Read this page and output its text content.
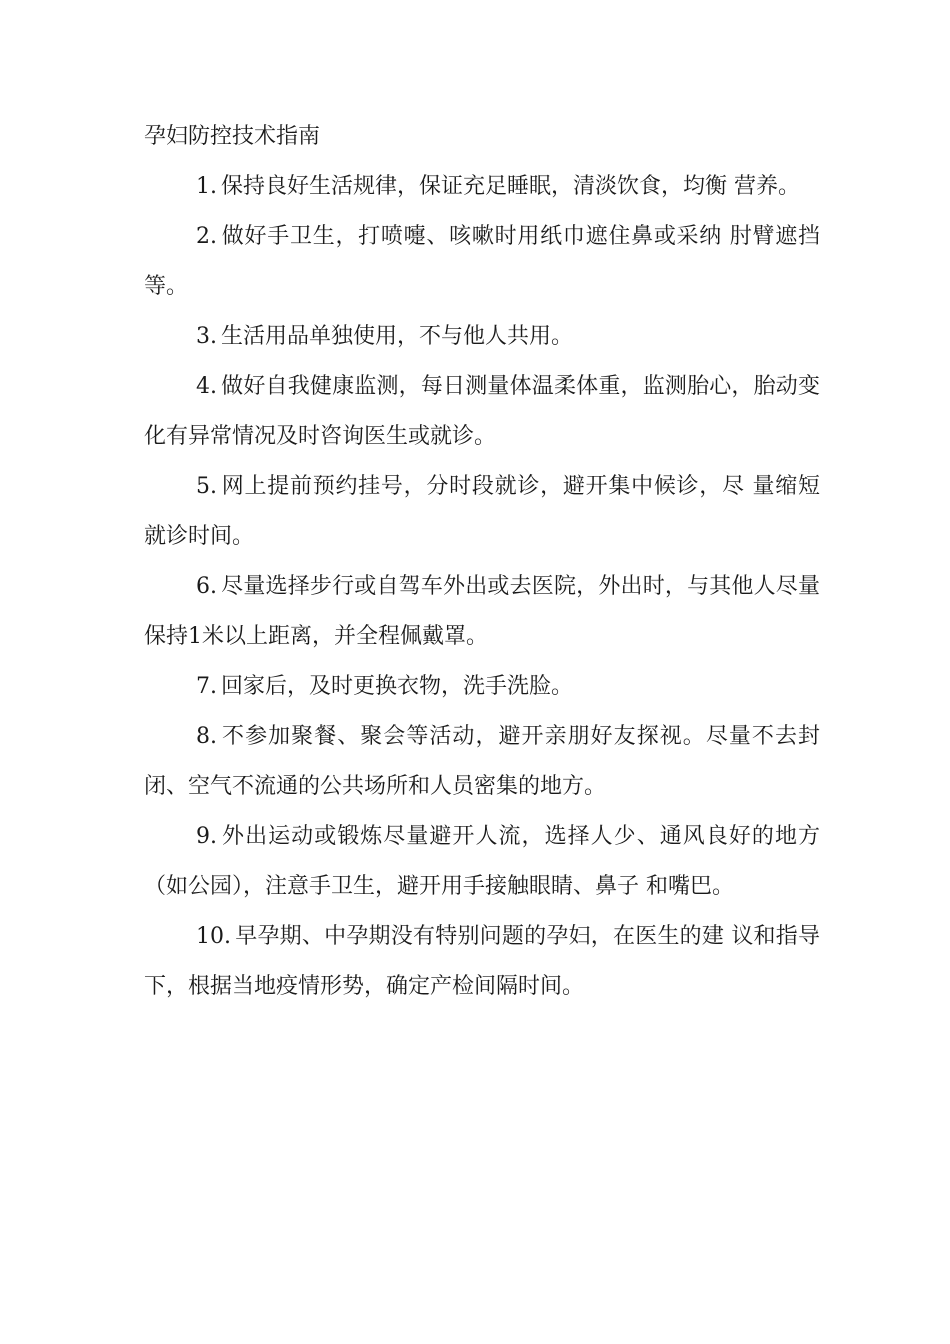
孕妇防控技术指南

1. 保持良好生活规律，保证充足睡眠，清淡饮食，均衡 营养。

2. 做好手卫生，打喷嚏、咳嗽时用纸巾遮住鼻或采纳 肘臂遮挡等。

3. 生活用品单独使用，不与他人共用。

4. 做好自我健康监测，每日测量体温柔体重，监测胎心，胎动变化有异常情况及时咨询医生或就诊。

5. 网上提前预约挂号，分时段就诊，避开集中候诊，尽 量缩短就诊时间。

6. 尽量选择步行或自驾车外出或去医院，外出时，与其他人尽量保持1米以上距离，并全程佩戴罩。

7. 回家后，及时更换衣物，洗手洗脸。

8. 不参加聚餐、聚会等活动，避开亲朋好友探视。尽量不去封闭、空气不流通的公共场所和人员密集的地方。

9. 外出运动或锻炼尽量避开人流，选择人少、通风良好的地方（如公园），注意手卫生，避开用手接触眼睛、鼻子 和嘴巴。

10. 早孕期、中孕期没有特别问题的孕妇，在医生的建 议和指导下，根据当地疫情形势，确定产检间隔时间。
